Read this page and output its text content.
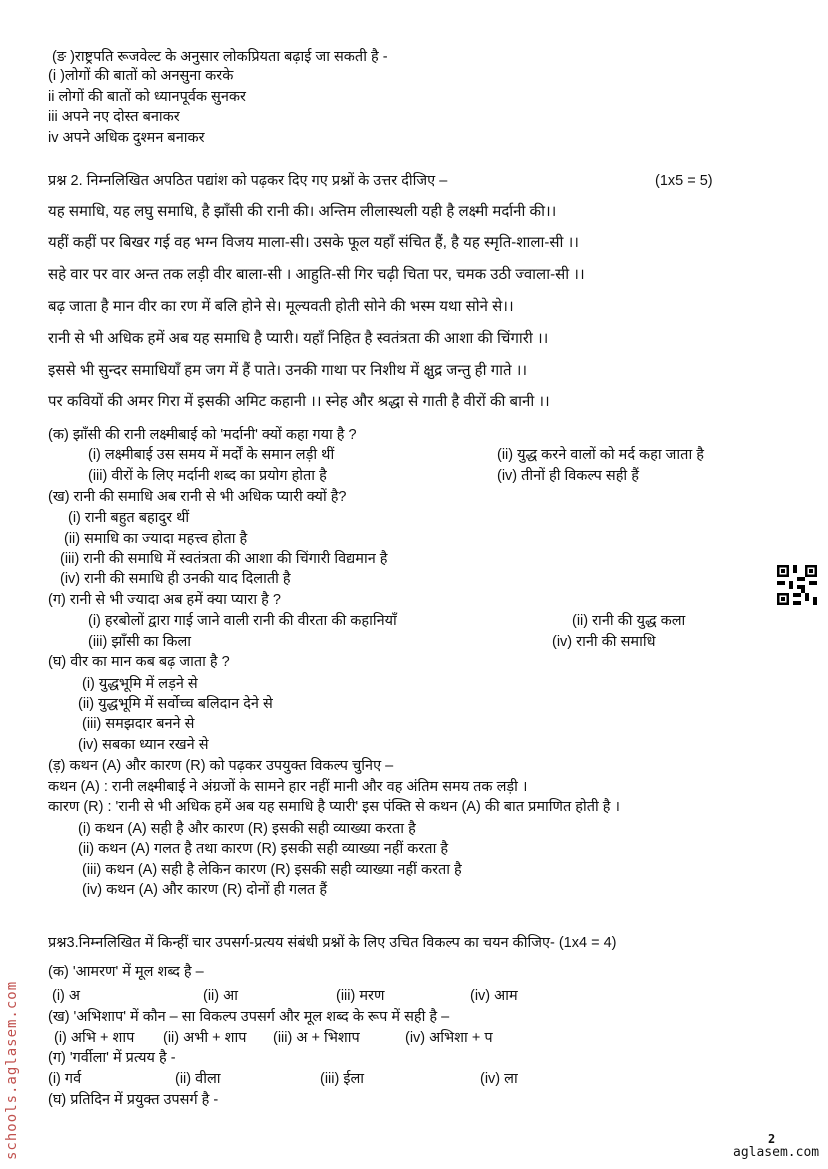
(ङ )राष्ट्रपति रूजवेल्ट के अनुसार लोकप्रियता बढ़ाई जा सकती है -
(i )लोगों की बातों को अनसुना करके
ii लोगों की बातों को ध्यानपूर्वक सुनकर
iii अपने नए दोस्त बनाकर
iv अपने अधिक दुश्मन बनाकर
प्रश्न 2. निम्नलिखित अपठित पद्यांश को पढ़कर दिए गए प्रश्नों के उत्तर दीजिए –	(1x5 = 5)
यह समाधि, यह लघु समाधि, है झाँसी की रानी की। अन्तिम लीलास्थली यही है लक्ष्मी मर्दानी की।।
यहीं कहीं पर बिखर गई वह भग्न विजय माला-सी। उसके फूल यहाँ संचित हैं, है यह स्मृति-शाला-सी ।।
सहे वार पर वार अन्त तक लड़ी वीर बाला-सी । आहुति-सी गिर चढ़ी चिता पर, चमक उठी ज्वाला-सी ।।
बढ़ जाता है मान वीर का रण में बलि होने से। मूल्यवती होती सोने की भस्म यथा सोने से।।
रानी से भी अधिक हमें अब यह समाधि है प्यारी। यहाँ निहित है स्वतंत्रता की आशा की चिंगारी ।।
इससे भी सुन्दर समाधियाँ हम जग में हैं पाते। उनकी गाथा पर निशीथ में क्षुद्र जन्तु ही गाते ।।
पर कवियों की अमर गिरा में इसकी अमिट कहानी ।। स्नेह और श्रद्धा से गाती है वीरों की बानी ।।
(क) झाँसी की रानी लक्ष्मीबाई को 'मर्दानी' क्यों कहा गया है ?
(i) लक्ष्मीबाई उस समय में मर्दों के समान लड़ी थीं	(ii) युद्ध करने वालों को मर्द कहा जाता है
(iii) वीरों के लिए मर्दानी शब्द का प्रयोग होता है	(iv) तीनों ही विकल्प सही हैं
(ख) रानी की समाधि अब रानी से भी अधिक प्यारी क्यों है?
(i) रानी बहुत बहादुर थीं
(ii) समाधि का ज्यादा महत्त्व होता है
(iii) रानी की समाधि में स्वतंत्रता की आशा की चिंगारी विद्यमान है
(iv) रानी की समाधि ही उनकी याद दिलाती है
(ग) रानी से भी ज्यादा अब हमें क्या प्यारा है ?
(i) हरबोलों द्वारा गाई जाने वाली रानी की वीरता की कहानियाँ	(ii) रानी की युद्ध कला
(iii) झाँसी का किला	(iv) रानी की समाधि
(घ) वीर का मान कब बढ़ जाता है ?
(i) युद्धभूमि में लड़ने से
(ii) युद्धभूमि में सर्वोच्च बलिदान देने से
(iii) समझदार बनने से
(iv) सबका ध्यान रखने से
(ड़) कथन (A) और कारण (R) को पढ़कर उपयुक्त विकल्प चुनिए –
कथन (A) : रानी लक्ष्मीबाई ने अंग्रजों के सामने हार नहीं मानी और वह अंतिम समय तक लड़ी ।
कारण (R) : 'रानी से भी अधिक हमें अब यह समाधि है प्यारी' इस पंक्ति से कथन (A) की बात प्रमाणित होती है ।
(i) कथन (A) सही है और कारण (R) इसकी सही व्याख्या करता है
(ii) कथन (A) गलत है तथा कारण (R) इसकी सही व्याख्या नहीं करता है
(iii) कथन (A) सही है लेकिन कारण (R) इसकी सही व्याख्या नहीं करता है
(iv) कथन (A) और कारण (R) दोनों ही गलत हैं
प्रश्न3.निम्नलिखित में किन्हीं चार उपसर्ग-प्रत्यय संबंधी प्रश्नों के लिए उचित विकल्प का चयन कीजिए- (1x4 = 4)
(क) 'आमरण' में मूल शब्द है –
(i) अ	(ii) आ	(iii) मरण	(iv) आम
(ख) 'अभिशाप' में कौन – सा विकल्प उपसर्ग और मूल शब्द के रूप में सही है –
(i) अभि + शाप (ii) अभी + शाप (iii) अ + भिशाप	(iv) अभिशा + प
(ग) 'गर्वीला' में प्रत्यय है -
(i) गर्व	(ii) वीला	(iii) ईला	(iv) ला
(घ) प्रतिदिन में प्रयुक्त उपसर्ग है -
schools.aglasem.com	2
aglasem.com
